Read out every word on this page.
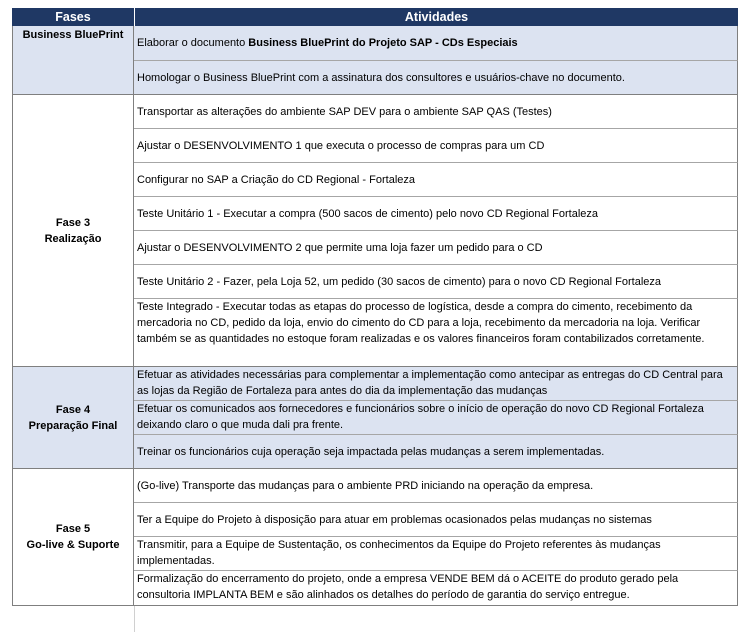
Fases	Atividades
Business BluePrint
Fase 3
Realização
Fase 4
Preparação Final
Fase 5
Go-live & Suporte
Elaborar o documento Business BluePrint do Projeto SAP - CDs Especiais
Homologar o Business BluePrint com a assinatura dos consultores e usuários-chave no documento.
Transportar as alterações do ambiente SAP DEV para o ambiente SAP QAS (Testes)
Ajustar o DESENVOLVIMENTO 1 que executa o processo de compras para um CD
Configurar no SAP a Criação do CD Regional - Fortaleza
Teste Unitário 1 - Executar a compra (500 sacos de cimento) pelo novo CD Regional Fortaleza
Ajustar o DESENVOLVIMENTO 2 que permite uma loja fazer um pedido para o CD
Teste Unitário 2 - Fazer, pela Loja 52, um pedido (30 sacos de cimento) para o novo CD Regional Fortaleza
Teste Integrado - Executar todas as etapas do processo de logística, desde a compra do cimento, recebimento da mercadoria no CD, pedido da loja, envio do cimento do CD para a loja, recebimento da mercadoria na loja. Verificar também se as quantidades no estoque foram realizadas e os valores financeiros foram contabilizados corretamente.
Efetuar as atividades necessárias para complementar a implementação como antecipar as entregas do CD Central para as lojas da Região de Fortaleza para antes do dia da implementação das mudanças
Efetuar os comunicados aos fornecedores e funcionários sobre o início de operação do novo CD Regional Fortaleza deixando claro o que muda dali pra frente.
Treinar os funcionários cuja operação seja impactada pelas mudanças a serem implementadas.
(Go-live) Transporte das mudanças para o ambiente PRD iniciando na operação da empresa.
Ter a Equipe do Projeto à disposição para atuar em problemas ocasionados pelas mudanças no sistemas
Transmitir, para a Equipe de Sustentação, os conhecimentos da Equipe do Projeto referentes às mudanças implementadas.
Formalização do encerramento do projeto, onde a empresa VENDE BEM dá o ACEITE do produto gerado pela consultoria IMPLANTA BEM e são alinhados os detalhes do período de garantia do serviço entregue.
